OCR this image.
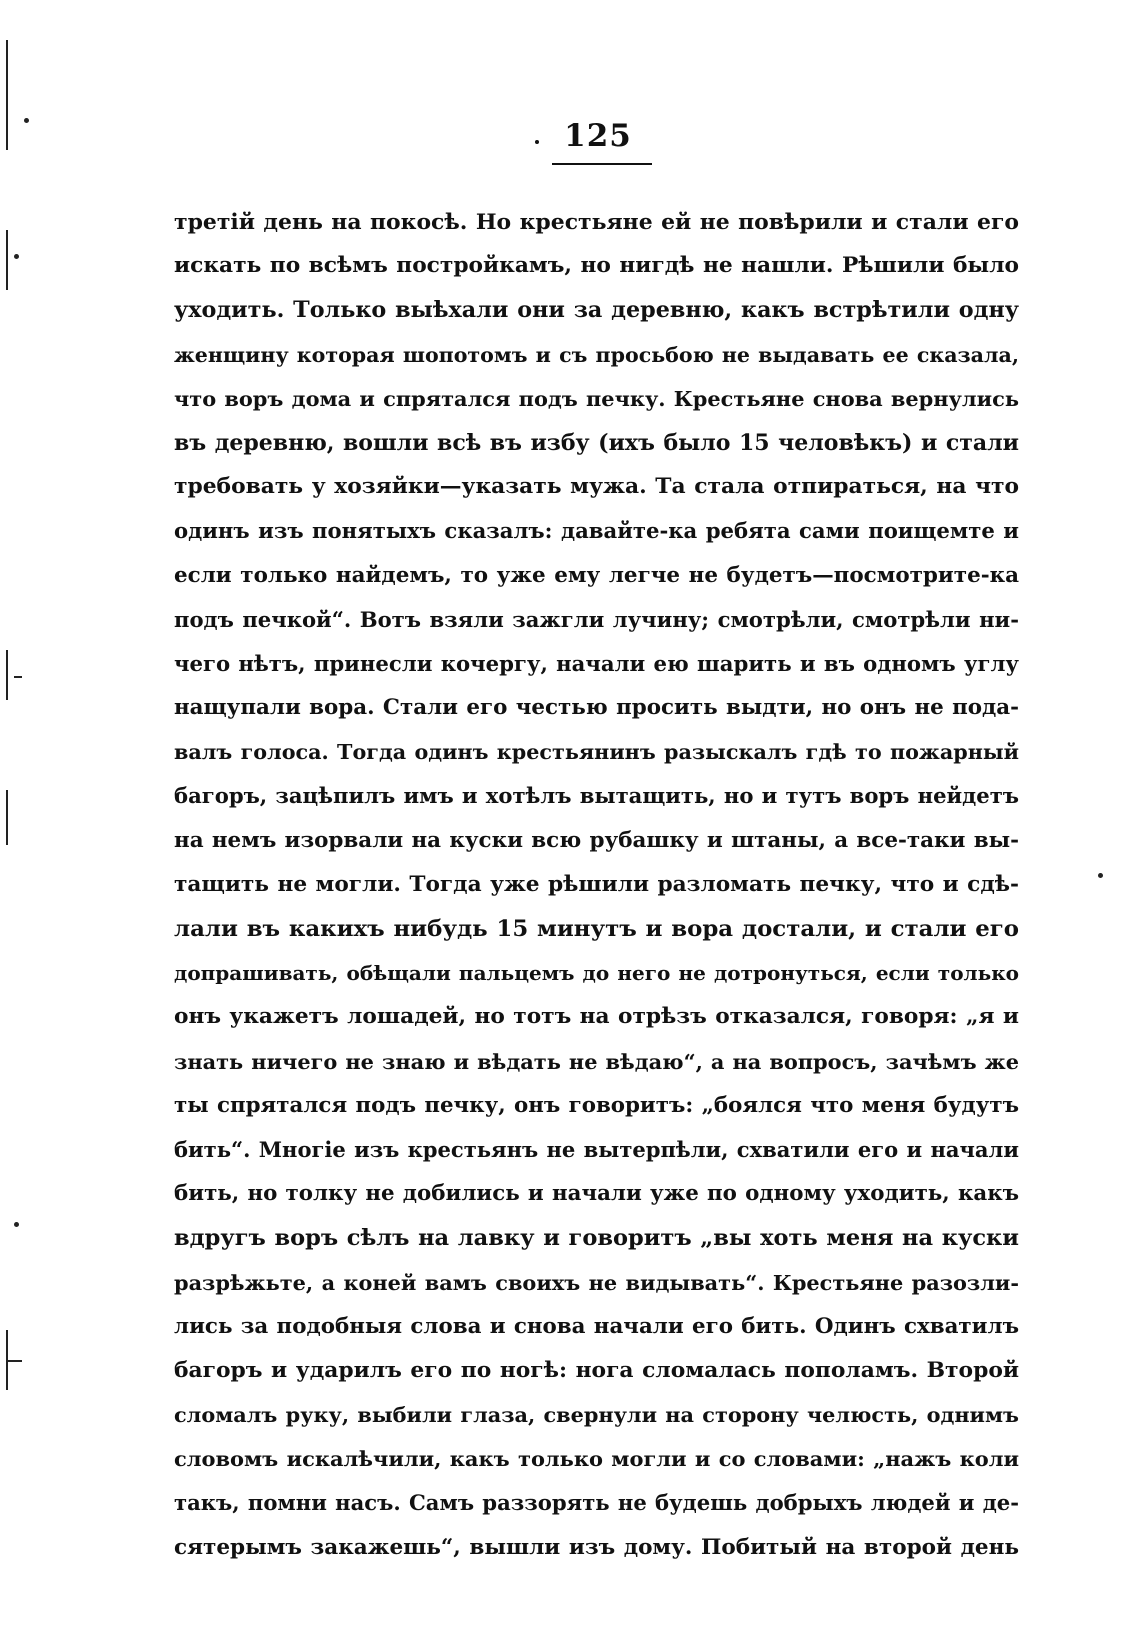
125
третій день на покосѣ. Но крестьяне ей не повѣрили и стали его
искать по всѣмъ постройкамъ, но нигдѣ не нашли. Рѣшили было
уходить. Только выѣхали они за деревню, какъ встрѣтили одну
женщину которая шопотомъ и съ просьбою не выдавать ее сказала,
что воръ дома и спрятался подъ печку. Крестьяне снова вернулись
въ деревню, вошли всѣ въ избу (ихъ было 15 человѣкъ) и стали
требовать у хозяйки—указать мужа. Та стала отпираться, на что
одинъ изъ понятыхъ сказалъ: давайте-ка ребята сами поищемте и
если только найдемъ, то уже ему легче не будетъ—посмотрите-ка
подъ печкой“. Вотъ взяли зажгли лучину; смотрѣли, смотрѣли ни-
чего нѣтъ, принесли кочергу, начали ею шарить и въ одномъ углу
нащупали вора. Стали его честью просить выдти, но онъ не пода-
валъ голоса. Тогда одинъ крестьянинъ разыскалъ гдѣ то пожарный
багоръ, зацѣпилъ имъ и хотѣлъ вытащить, но и тутъ воръ нейдетъ
на немъ изорвали на куски всю рубашку и штаны, а все-таки вы-
тащить не могли. Тогда уже рѣшили разломать печку, что и сдѣ-
лали въ какихъ нибудь 15 минутъ и вора достали, и стали его
допрашивать, обѣщали пальцемъ до него не дотронуться, если только
онъ укажетъ лошадей, но тотъ на отрѣзъ отказался, говоря: „я и
знать ничего не знаю и вѣдать не вѣдаю“, а на вопросъ, зачѣмъ же
ты спрятался подъ печку, онъ говоритъ: „боялся что меня будутъ
бить“. Многіе изъ крестьянъ не вытерпѣли, схватили его и начали
бить, но толку не добились и начали уже по одному уходить, какъ
вдругъ воръ сѣлъ на лавку и говоритъ „вы хоть меня на куски
разрѣжьте, а коней вамъ своихъ не видывать“. Крестьяне разозли-
лись за подобныя слова и снова начали его бить. Одинъ схватилъ
багоръ и ударилъ его по ногѣ: нога сломалась пополамъ. Второй
сломалъ руку, выбили глаза, свернули на сторону челюсть, однимъ
словомъ искалѣчили, какъ только могли и со словами: „нажъ коли
такъ, помни насъ. Самъ раззорять не будешь добрыхъ людей и де-
сятерымъ закажешь“, вышли изъ дому. Побитый на второй день
